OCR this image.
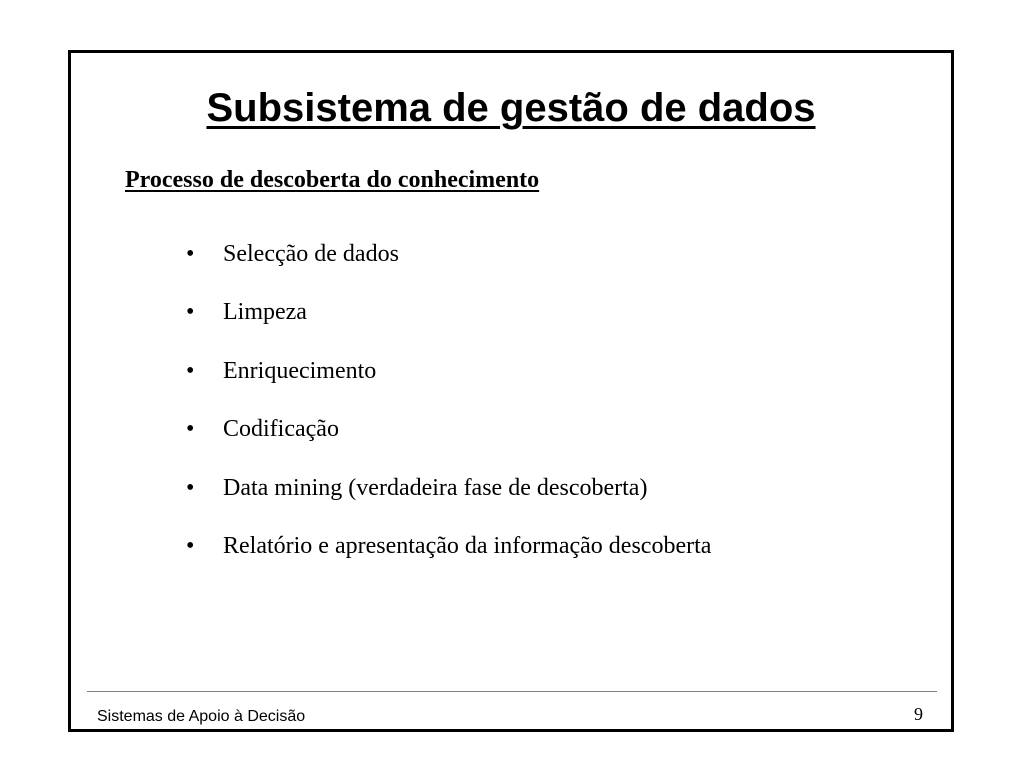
Subsistema de gestão de dados
Processo de descoberta do conhecimento
•	Selecção de dados
•	Limpeza
•	Enriquecimento
•	Codificação
•	Data mining (verdadeira fase de descoberta)
•	Relatório e apresentação da informação descoberta
Sistemas de Apoio à Decisão	9
